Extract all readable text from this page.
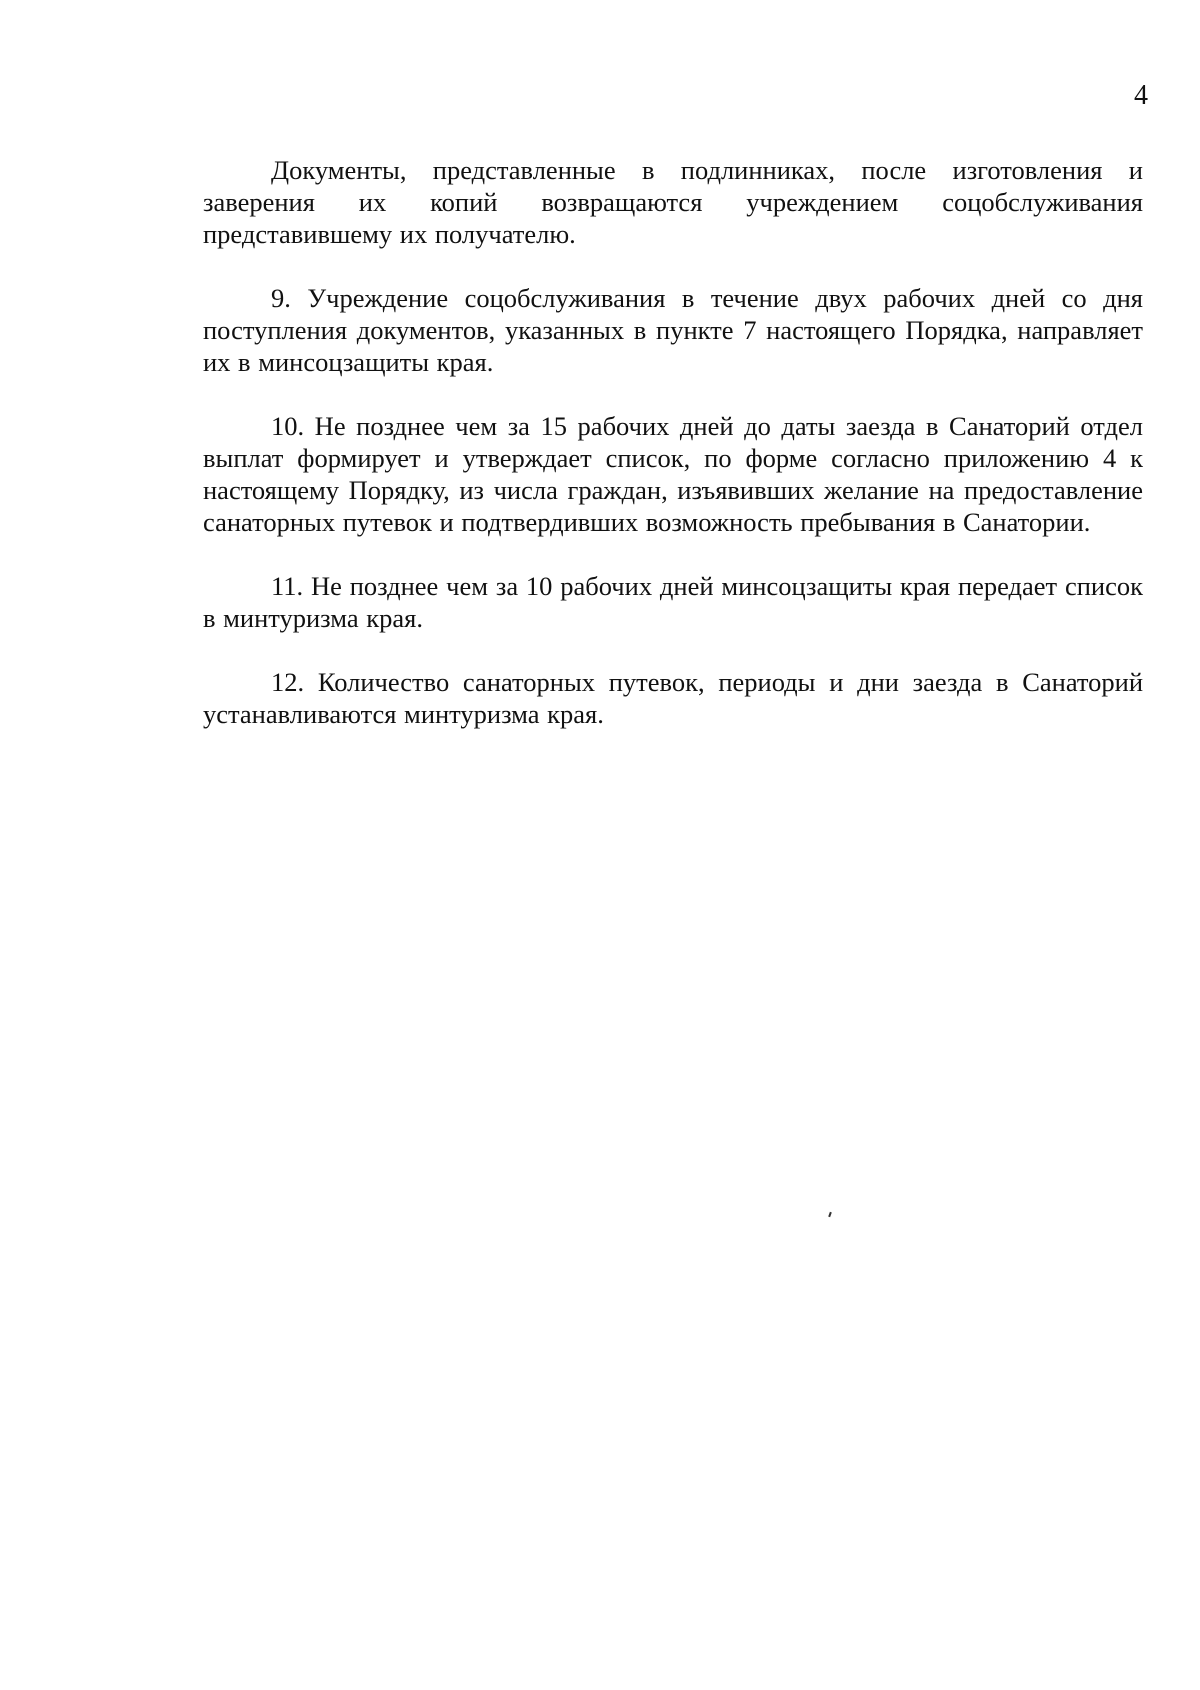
4

Документы, представленные в подлинниках, после изготовления и заверения их копий возвращаются учреждением соцобслуживания представившему их получателю.

9. Учреждение соцобслуживания в течение двух рабочих дней со дня поступления документов, указанных в пункте 7 настоящего Порядка, направляет их в минсоцзащиты края.

10. Не позднее чем за 15 рабочих дней до даты заезда в Санаторий отдел выплат формирует и утверждает список, по форме согласно приложению 4 к настоящему Порядку, из числа граждан, изъявивших желание на предоставление санаторных путевок и подтвердивших возможность пребывания в Санатории.

11. Не позднее чем за 10 рабочих дней минсоцзащиты края передает список в минтуризма края.

12. Количество санаторных путевок, периоды и дни заезда в Санаторий устанавливаются минтуризма края.
